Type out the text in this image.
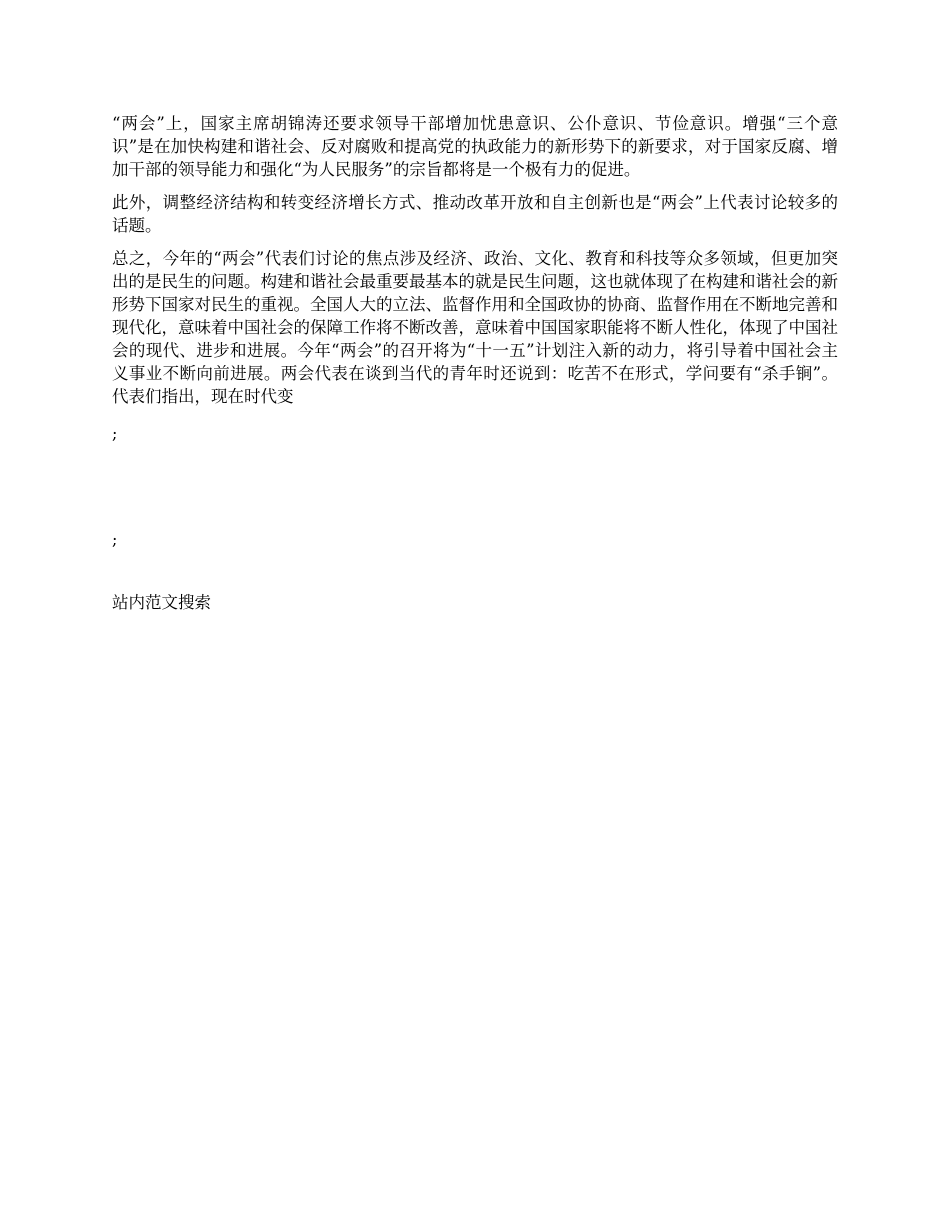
“两会”上，国家主席胡锦涛还要求领导干部增加忧患意识、公仆意识、节俭意识。增强“三个意识”是在加快构建和谐社会、反对腐败和提高党的执政能力的新形势下的新要求，对于国家反腐、增加干部的领导能力和强化“为人民服务”的宗旨都将是一个极有力的促进。

此外，调整经济结构和转变经济增长方式、推动改革开放和自主创新也是“两会”上代表讨论较多的话题。

总之，今年的“两会”代表们讨论的焦点涉及经济、政治、文化、教育和科技等众多领域，但更加突出的是民生的问题。构建和谐社会最重要最基本的就是民生问题，这也就体现了在构建和谐社会的新形势下国家对民生的重视。全国人大的立法、监督作用和全国政协的协商、监督作用在不断地完善和现代化，意味着中国社会的保障工作将不断改善，意味着中国国家职能将不断人性化，体现了中国社会的现代、进步和进展。今年“两会”的召开将为“十一五”计划注入新的动力，将引导着中国社会主义事业不断向前进展。两会代表在谈到当代的青年时还说到：吃苦不在形式，学问要有“杀手锏”。代表们指出，现在时代变

;

;

站内范文搜索
